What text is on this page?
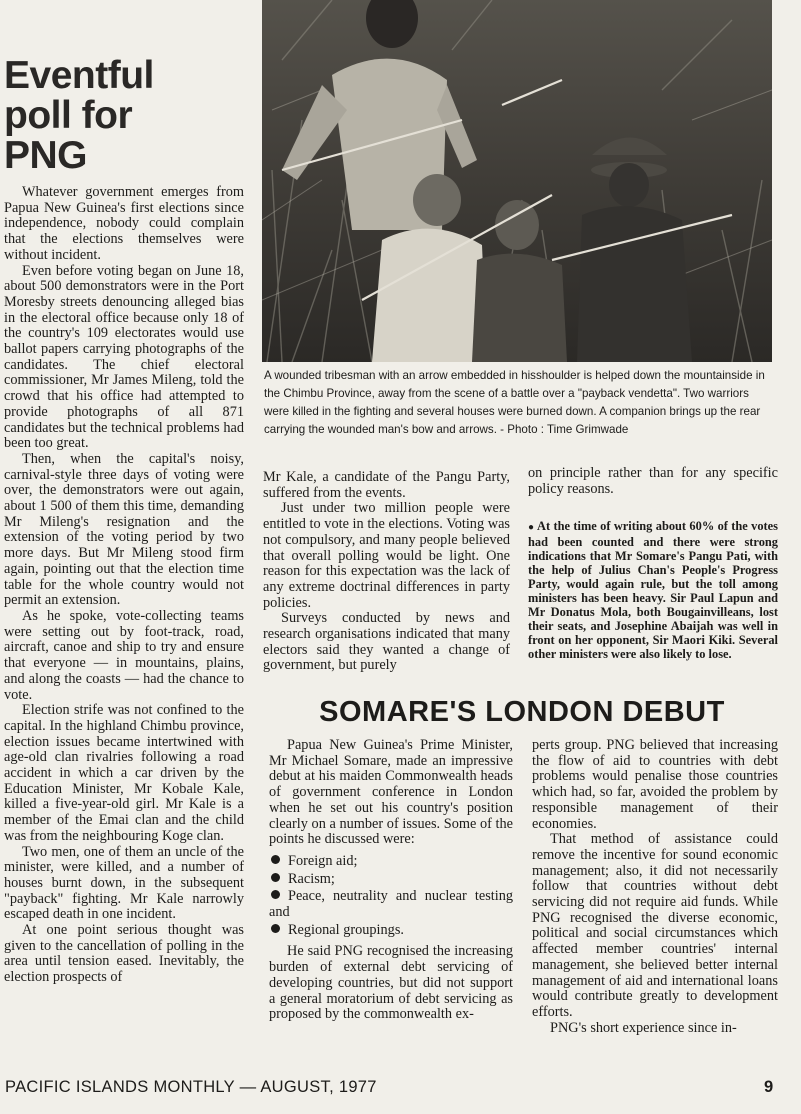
Eventful
poll for
PNG

Whatever government emerges from Papua New Guinea's first elections since independence, nobody could complain that the elections themselves were without incident.

Even before voting began on June 18, about 500 demonstrators were in the Port Moresby streets denouncing alleged bias in the electoral office because only 18 of the country's 109 electorates would use ballot papers carrying photographs of the candidates. The chief electoral commissioner, Mr James Mileng, told the crowd that his office had attempted to provide photographs of all 871 candidates but the technical problems had been too great.

Then, when the capital's noisy, carnival-style three days of voting were over, the demonstrators were out again, about 1 500 of them this time, demanding Mr Mileng's resignation and the extension of the voting period by two more days. But Mr Mileng stood firm again, pointing out that the election time table for the whole country would not permit an extension.

As he spoke, vote-collecting teams were setting out by foot-track, road, aircraft, canoe and ship to try and ensure that everyone — in mountains, plains, and along the coasts — had the chance to vote.

Election strife was not confined to the capital. In the highland Chimbu province, election issues became intertwined with age-old clan rivalries following a road accident in which a car driven by the Education Minister, Mr Kobale Kale, killed a five-year-old girl. Mr Kale is a member of the Emai clan and the child was from the neighbouring Koge clan.

Two men, one of them an uncle of the minister, were killed, and a number of houses burnt down, in the subsequent "payback" fighting. Mr Kale narrowly escaped death in one incident.

At one point serious thought was given to the cancellation of polling in the area until tension eased. Inevitably, the election prospects of

A wounded tribesman with an arrow embedded in hisshoulder is helped down the mountainside in the Chimbu Province, away from the scene of a battle over a "payback vendetta". Two warriors were killed in the fighting and several houses were burned down. A companion brings up the rear carrying the wounded man's bow and arrows. - Photo : Time Grimwade

Mr Kale, a candidate of the Pangu Party, suffered from the events.

Just under two million people were entitled to vote in the elections. Voting was not compulsory, and many people believed that overall polling would be light. One reason for this expectation was the lack of any extreme doctrinal differences in party policies.

Surveys conducted by news and research organisations indicated that many electors said they wanted a change of government, but purely

on principle rather than for any specific policy reasons.

● At the time of writing about 60% of the votes had been counted and there were strong indications that Mr Somare's Pangu Pati, with the help of Julius Chan's People's Progress Party, would again rule, but the toll among ministers has been heavy. Sir Paul Lapun and Mr Donatus Mola, both Bougainvilleans, lost their seats, and Josephine Abaijah was well in front on her opponent, Sir Maori Kiki. Several other ministers were also likely to lose.
SOMARE'S LONDON DEBUT

Papua New Guinea's Prime Minister, Mr Michael Somare, made an impressive debut at his maiden Commonwealth heads of government conference in London when he set out his country's position clearly on a number of issues. Some of the points he discussed were:

Foreign aid;
Racism;
Peace, neutrality and nuclear testing and
Regional groupings.

He said PNG recognised the increasing burden of external debt servicing of developing countries, but did not support a general moratorium of debt servicing as proposed by the commonwealth ex-

perts group. PNG believed that increasing the flow of aid to countries with debt problems would penalise those countries which had, so far, avoided the problem by responsible management of their economies.

That method of assistance could remove the incentive for sound economic management; also, it did not necessarily follow that countries without debt servicing did not require aid funds. While PNG recognised the diverse economic, political and social circumstances which affected member countries' internal management, she believed better internal management of aid and international loans would contribute greatly to development efforts.

PNG's short experience since in-

PACIFIC ISLANDS MONTHLY — AUGUST, 1977	9
